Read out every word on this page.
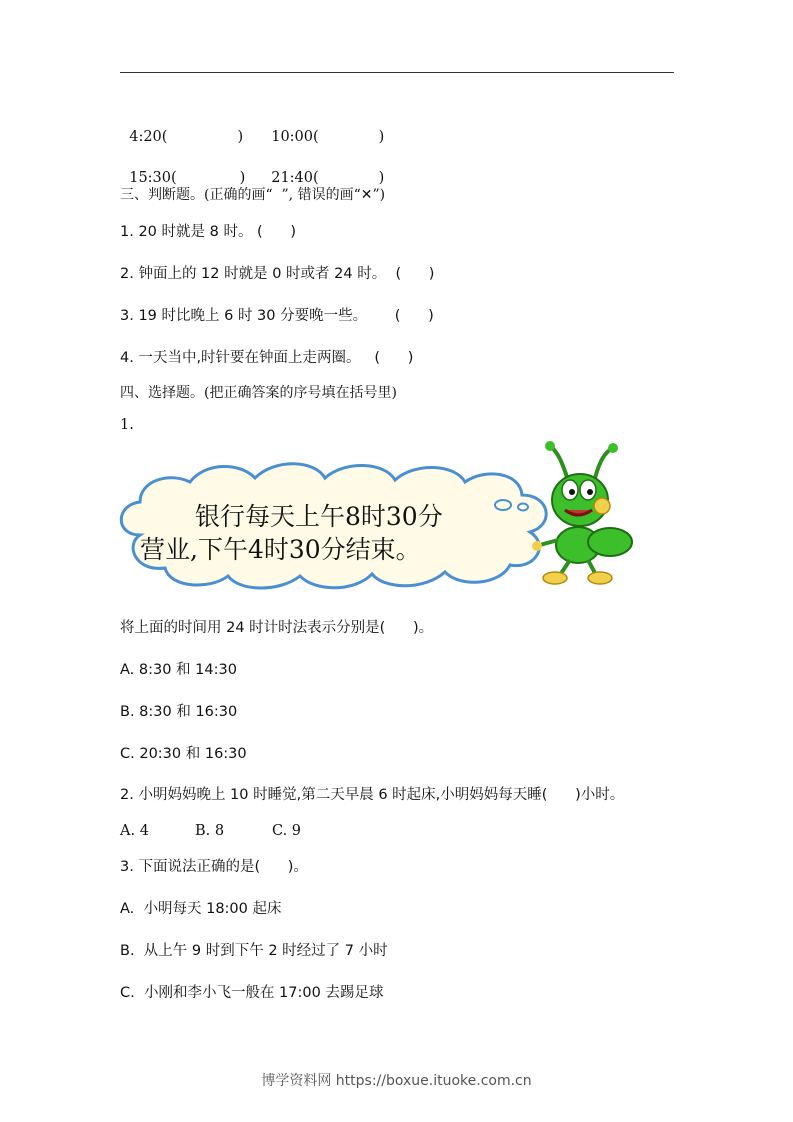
4:20(	)	10:00(	)

15:30(	)	21:40(	)

三、判断题。(正确的画“  ”, 错误的画“✕”)
1. 20 时就是 8 时。 (      )
2. 钟面上的 12 时就是 0 时或者 24 时。  (      )
3. 19 时比晚上 6 时 30 分要晚一些。      (      )
4. 一天当中,时针要在钟面上走两圈。   (      )
四、选择题。(把正确答案的序号填在括号里)
1.
银行每天上午8时30分
营业,下午4时30分结束。
将上面的时间用 24 时计时法表示分别是(      )。
A. 8:30 和 14:30
B. 8:30 和 16:30
C. 20:30 和 16:30
2. 小明妈妈晚上 10 时睡觉,第二天早晨 6 时起床,小明妈妈每天睡(      )小时。
A. 4	B. 8	C. 9
3. 下面说法正确的是(      )。
A.  小明每天 18:00 起床
B.  从上午 9 时到下午 2 时经过了 7 小时
C.  小刚和李小飞一般在 17:00 去踢足球
博学资料网 https://boxue.ituoke.com.cn
